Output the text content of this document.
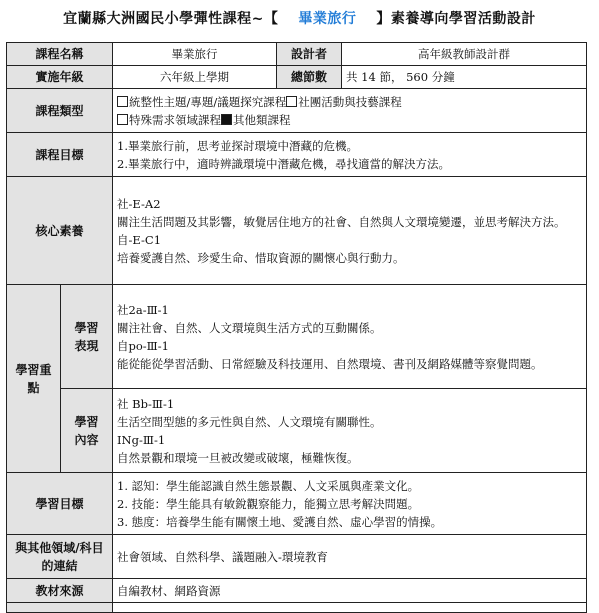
宜蘭縣大洲國民小學彈性課程~【 畢業旅行 】素養導向學習活動設計
課程名稱		畢業旅行	設計者	高年級教師設計群
實施年級		六年級上學期	總節數	共 14 節， 560 分鐘
課程類型		統整性主題/專題/議題探究課程 社團活動與技藝課程
特殊需求領域課程 其他類課程		

課程目標		1.畢業旅行前，思考並探討環境中潛藏的危機。
2.畢業旅行中，適時辨識環境中潛藏危機，尋找適當的解決方法。		

核心素養		社-E-A2
關注生活問題及其影響，敏覺居住地方的社會、自然與人文環境變遷，並思考解決方法。
自-E-C1
培養愛護自然、珍愛生命、惜取資源的關懷心與行動力。		

學習重點	學習表現	社2a-Ⅲ-1
關注社會、自然、人文環境與生活方式的互動關係。
自po-Ⅲ-1
能從能從學習活動、日常經驗及科技運用、自然環境、書刊及網路媒體等察覺問題。		

	學習內容	社 Bb-Ⅲ-1
生活空間型態的多元性與自然、人文環境有關聯性。
INg-Ⅲ-1
自然景觀和環境一旦被改變或破壞，極難恢復。		

學習目標		1. 認知：學生能認識自然生態景觀、人文采風與產業文化。
2. 技能：學生能具有敏銳觀察能力，能獨立思考解決問題。
3. 態度：培養學生能有關懷土地、愛護自然、虛心學習的情操。		

與其他領域/科目的連結		社會領域、自然科學、議題融入-環境教育		
教材來源		自編教材、網路資源		
